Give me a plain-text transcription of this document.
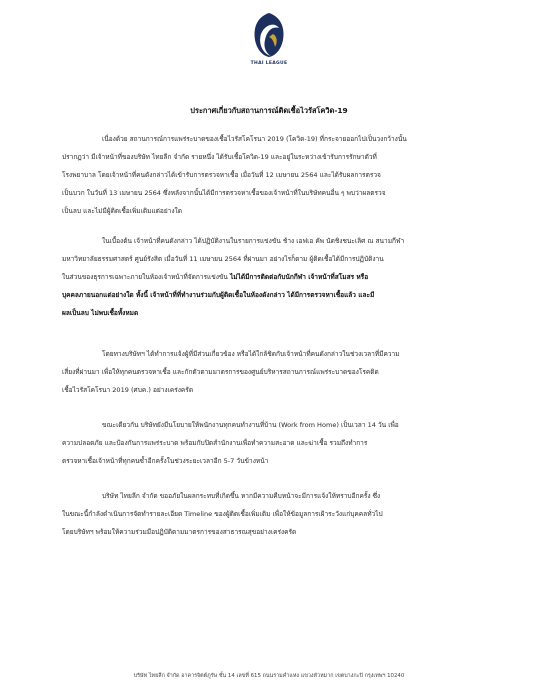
THAI LEAGUE
ประกาศเกี่ยวกับสถานการณ์ติดเชื้อไวรัสโควิด-19
เนื่องด้วย สถานการณ์การแพร่ระบาดของเชื้อไวรัสโคโรนา 2019 (โควิด-19) ที่กระจายออกไปเป็นวงกว้างนั้น
ปรากฏว่า มีเจ้าหน้าที่ของบริษัท ไทยลีก จำกัด รายหนึ่ง ได้รับเชื้อโควิด-19 และอยู่ในระหว่างเข้ารับการรักษาตัวที่
โรงพยาบาล โดยเจ้าหน้าที่คนดังกล่าวได้เข้ารับการตรวจหาเชื้อ เมื่อวันที่ 12 เมษายน 2564 และได้รับผลการตรวจ
เป็นบวก ในวันที่ 13 เมษายน 2564 ซึ่งหลังจากนั้นได้มีการตรวจหาเชื้อของเจ้าหน้าที่ในบริษัทคนอื่น ๆ พบว่าผลตรวจ
เป็นลบ และไม่มีผู้ติดเชื้อเพิ่มเติมแต่อย่างใด
ในเบื้องต้น เจ้าหน้าที่คนดังกล่าว ได้ปฏิบัติงานในรายการแข่งขัน ช้าง เอฟเอ คัพ นัดชิงชนะเลิศ ณ สนามกีฬา
มหาวิทยาลัยธรรมศาสตร์ ศูนย์รังสิต เมื่อวันที่ 11 เมษายน 2564 ที่ผ่านมา อย่างไรก็ตาม ผู้ติดเชื้อได้มีการปฏิบัติงาน
ในส่วนของธุรการเฉพาะภายในห้องเจ้าหน้าที่จัดการแข่งขัน ไม่ได้มีการติดต่อกับนักกีฬา เจ้าหน้าที่สโมสร หรือ
บุคคลภายนอกแต่อย่างใด ทั้งนี้ เจ้าหน้าที่ที่ทำงานร่วมกับผู้ติดเชื้อในห้องดังกล่าว ได้มีการตรวจหาเชื้อแล้ว และมี
ผลเป็นลบ ไม่พบเชื้อทั้งหมด
โดยทางบริษัทฯ ได้ทำการแจ้งผู้ที่มีส่วนเกี่ยวข้อง หรือได้ใกล้ชิดกับเจ้าหน้าที่คนดังกล่าวในช่วงเวลาที่มีความ
เสี่ยงที่ผ่านมา เพื่อให้ทุกคนตรวจหาเชื้อ และกักตัวตามมาตรการของศูนย์บริหารสถานการณ์แพร่ระบาดของโรคติด
เชื้อไวรัสโคโรนา 2019 (ศบค.) อย่างเคร่งครัด
ขณะเดียวกัน บริษัทยังมีนโยบายให้พนักงานทุกคนทำงานที่บ้าน (Work from Home) เป็นเวลา 14 วัน เพื่อ
ความปลอดภัย และป้องกันการแพร่ระบาด พร้อมกับปิดสำนักงานเพื่อทำความสะอาด และฆ่าเชื้อ รวมถึงทำการ
ตรวจหาเชื้อเจ้าหน้าที่ทุกคนซ้ำอีกครั้งในช่วงระยะเวลาอีก 5-7 วันข้างหน้า
บริษัท ไทยลีก จำกัด ขออภัยในผลกระทบที่เกิดขึ้น หากมีความคืบหน้าจะมีการแจ้งให้ทราบอีกครั้ง ซึ่ง
ในขณะนี้กำลังดำเนินการจัดทำรายละเอียด Timeline ของผู้ติดเชื้อเพิ่มเติม เพื่อให้ข้อมูลการเฝ้าระวังแก่บุคคลทั่วไป
โดยบริษัทฯ พร้อมให้ความร่วมมือปฏิบัติตามมาตรการของสาธารณสุขอย่างเคร่งครัด
บริษัท ไทยลีก จำกัด อาคารจิตต์ภูรัษ ชั้น 14 เลขที่ 615 ถนนรามคำแหง แขวงหัวหมาก เขตบางกะปิ กรุงเทพฯ 10240
